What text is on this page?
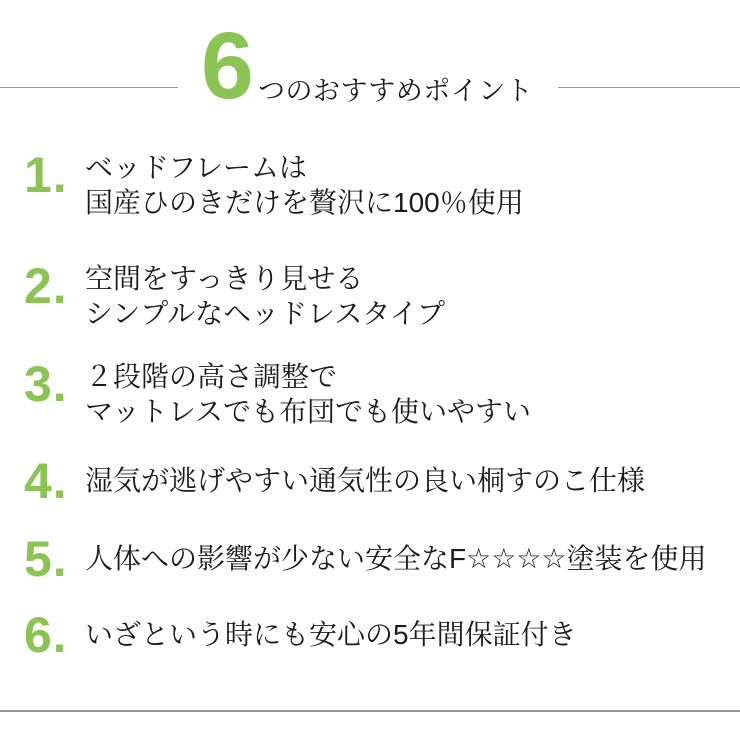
6 つのおすすめポイント
1. ベッドフレームは
国産ひのきだけを贅沢に100％使用
2. 空間をすっきり見せる
シンプルなヘッドレスタイプ
3. ２段階の高さ調整で
マットレスでも布団でも使いやすい
4. 湿気が逃げやすい通気性の良い桐すのこ仕様
5. 人体への影響が少ない安全なF☆☆☆☆塗装を使用
6. いざという時にも安心の5年間保証付き
